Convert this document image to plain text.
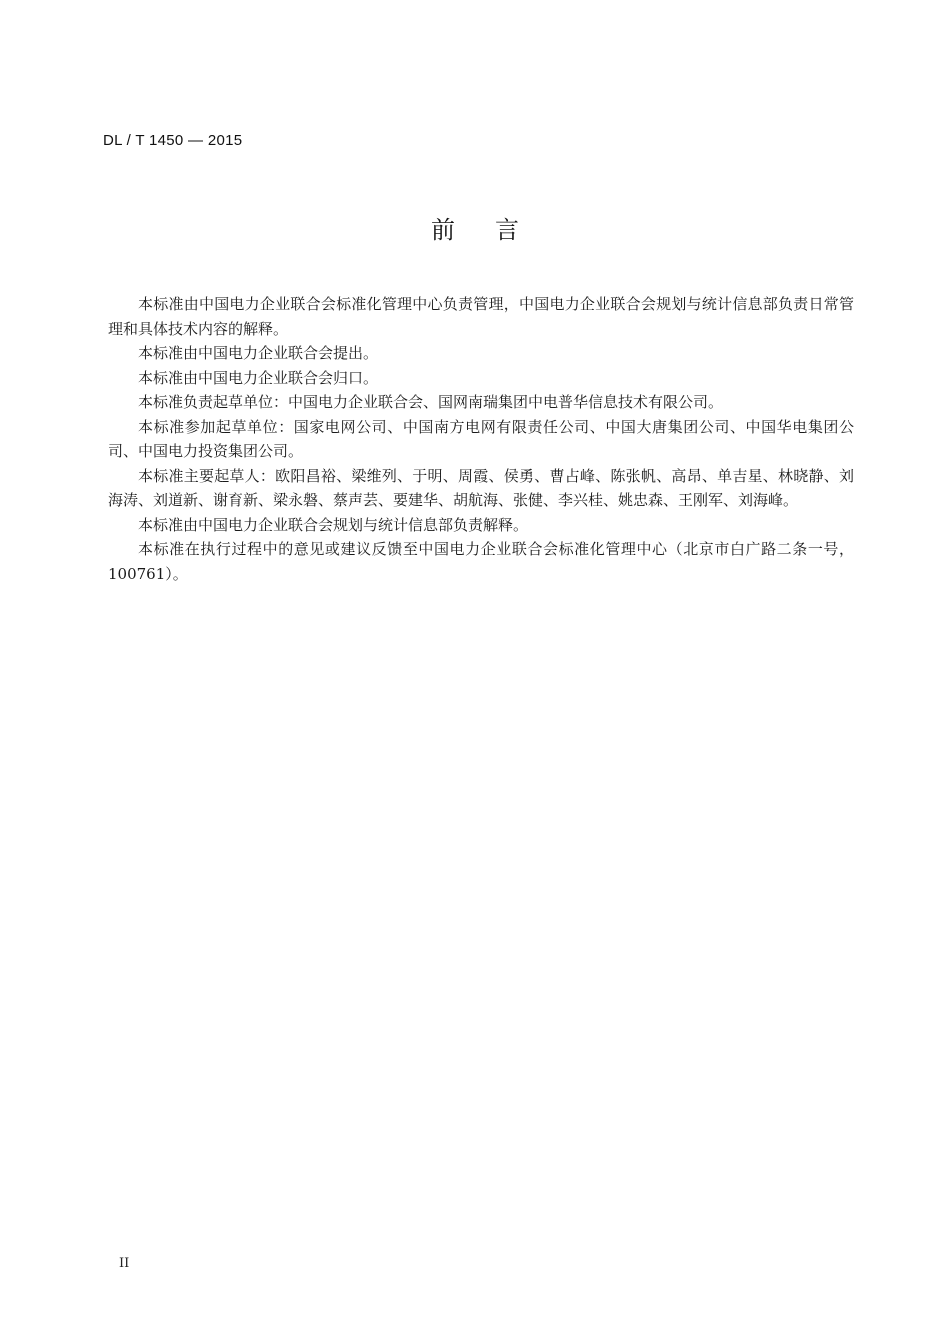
DL / T 1450 — 2015
前言

本标准由中国电力企业联合会标准化管理中心负责管理，中国电力企业联合会规划与统计信息部负责日常管理和具体技术内容的解释。

本标准由中国电力企业联合会提出。

本标准由中国电力企业联合会归口。

本标准负责起草单位：中国电力企业联合会、国网南瑞集团中电普华信息技术有限公司。

本标准参加起草单位：国家电网公司、中国南方电网有限责任公司、中国大唐集团公司、中国华电集团公司、中国电力投资集团公司。

本标准主要起草人：欧阳昌裕、梁维列、于明、周霞、侯勇、曹占峰、陈张帆、高昂、单吉星、林晓静、刘海涛、刘道新、谢育新、梁永磐、蔡声芸、要建华、胡航海、张健、李兴桂、姚忠森、王刚军、刘海峰。

本标准由中国电力企业联合会规划与统计信息部负责解释。

本标准在执行过程中的意见或建议反馈至中国电力企业联合会标准化管理中心（北京市白广路二条一号，100761）。

II
